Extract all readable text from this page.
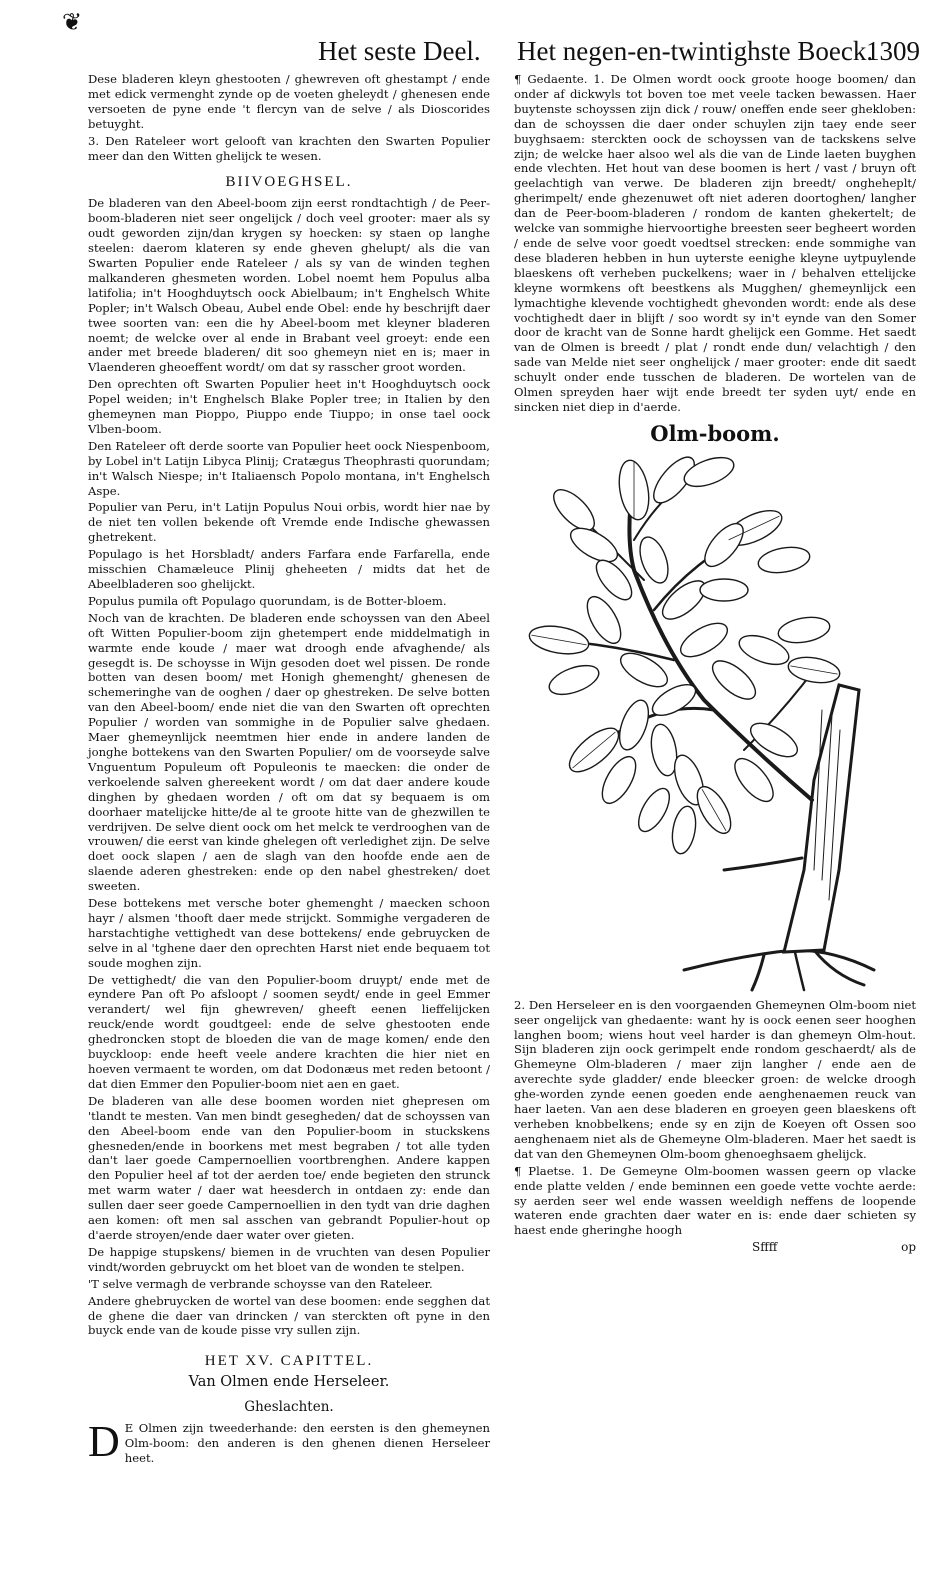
❦
Het seste Deel. Het negen-en-twintighste Boeck.
1309

Dese bladeren kleyn ghestooten / ghewreven oft ghestampt / ende met edick vermenght zynde op de voeten gheleydt / ghenesen ende versoeten de pyne ende 't flercyn van de selve / als Dioscorides betuyght.

3. Den Rateleer wort gelooft van krachten den Swarten Populier meer dan den Witten ghelijck te wesen.

BIIVOEGHSEL.

De bladeren van den Abeel-boom zijn eerst rondtachtigh / de Peer-boom-bladeren niet seer ongelijck / doch veel grooter: maer als sy oudt geworden zijn/dan krygen sy hoecken: sy staen op langhe steelen: daerom klateren sy ende gheven ghelupt/ als die van Swarten Populier ende Rateleer / als sy van de winden teghen malkanderen ghesmeten worden. Lobel noemt hem Populus alba latifolia; in't Hooghduytsch oock Abielbaum; in't Enghelsch White Popler; in't Walsch Obeau, Aubel ende Obel: ende hy beschrijft daer twee soorten van: een die hy Abeel-boom met kleyner bladeren noemt; de welcke over al ende in Brabant veel groeyt: ende een ander met breede bladeren/ dit soo ghemeyn niet en is; maer in Vlaenderen gheoeffent wordt/ om dat sy rasscher groot worden.

Den oprechten oft Swarten Populier heet in't Hooghduytsch oock Popel weiden; in't Enghelsch Blake Popler tree; in Italien by den ghemeynen man Pioppo, Piuppo ende Tiuppo; in onse tael oock Vlben-boom.

Den Rateleer oft derde soorte van Populier heet oock Niespenboom, by Lobel in't Latijn Libyca Plinij; Cratægus Theophrasti quorundam; in't Walsch Niespe; in't Italiaensch Popolo montana, in't Enghelsch Aspe.

Populier van Peru, in't Latijn Populus Noui orbis, wordt hier nae by de niet ten vollen bekende oft Vremde ende Indische ghewassen ghetrekent.

Populago is het Horsbladt/ anders Farfara ende Farfarella, ende misschien Chamæleuce Plinij gheheeten / midts dat het de Abeelbladeren soo ghelijckt.

Populus pumila oft Populago quorundam, is de Botter-bloem.

Noch van de krachten. De bladeren ende schoyssen van den Abeel oft Witten Populier-boom zijn ghetempert ende middelmatigh in warmte ende koude / maer wat droogh ende afvaghende/ als gesegdt is. De schoysse in Wijn gesoden doet wel pissen. De ronde botten van desen boom/ met Honigh ghemenght/ ghenesen de schemeringhe van de ooghen / daer op ghestreken. De selve botten van den Abeel-boom/ ende niet die van den Swarten oft oprechten Populier / worden van sommighe in de Populier salve ghedaen. Maer ghemeynlijck neemtmen hier ende in andere landen de jonghe bottekens van den Swarten Populier/ om de voorseyde salve Vnguentum Populeum oft Populeonis te maecken: die onder de verkoelende salven ghereekent wordt / om dat daer andere koude dinghen by ghedaen worden / oft om dat sy bequaem is om doorhaer matelijcke hitte/de al te groote hitte van de ghezwillen te verdrijven. De selve dient oock om het melck te verdrooghen van de vrouwen/ die eerst van kinde ghelegen oft verledighet zijn. De selve doet oock slapen / aen de slagh van den hoofde ende aen de slaende aderen ghestreken: ende op den nabel ghestreken/ doet sweeten.

Dese bottekens met versche boter ghemenght / maecken schoon hayr / alsmen 'thooft daer mede strijckt. Sommighe vergaderen de harstachtighe vettighedt van dese bottekens/ ende gebruycken de selve in al 'tghene daer den oprechten Harst niet ende bequaem tot soude moghen zijn.

De vettighedt/ die van den Populier-boom druypt/ ende met de eyndere Pan oft Po afsloopt / soomen seydt/ ende in geel Emmer verandert/ wel fijn ghewreven/ gheeft eenen lieffelijcken reuck/ende wordt goudtgeel: ende de selve ghestooten ende ghedroncken stopt de bloeden die van de mage komen/ ende den buyckloop: ende heeft veele andere krachten die hier niet en hoeven vermaent te worden, om dat Dodonæus met reden betoont / dat dien Emmer den Populier-boom niet aen en gaet.

De bladeren van alle dese boomen worden niet ghepresen om 'tlandt te mesten. Van men bindt gesegheden/ dat de schoyssen van den Abeel-boom ende van den Populier-boom in stuckskens ghesneden/ende in boorkens met mest begraben / tot alle tyden dan't laer goede Campernoellien voortbrenghen. Andere kappen den Populier heel af tot der aerden toe/ ende begieten den strunck met warm water / daer wat heesderch in ontdaen zy: ende dan sullen daer seer goede Campernoellien in den tydt van drie daghen aen komen: oft men sal asschen van gebrandt Populier-hout op d'aerde stroyen/ende daer water over gieten.

De happige stupskens/ biemen in de vruchten van desen Populier vindt/worden gebruyckt om het bloet van de wonden te stelpen.

'T selve vermagh de verbrande schoysse van den Rateleer.

Andere ghebruycken de wortel van dese boomen: ende segghen dat de ghene die daer van drincken / van sterckten oft pyne in den buyck ende van de koude pisse vry sullen zijn.

HET XV. CAPITTEL.
Van Olmen ende Herseleer.
Gheslachten.

D E Olmen zijn tweederhande: den eersten is den ghemeynen Olm-boom: den anderen is den ghenen dienen Herseleer heet.

¶ Gedaente. 1. De Olmen wordt oock groote hooge boomen/ dan onder af dickwyls tot boven toe met veele tacken bewassen. Haer buytenste schoyssen zijn dick / rouw/ oneffen ende seer ghekloben: dan de schoyssen die daer onder schuylen zijn taey ende seer buyghsaem: sterckten oock de schoyssen van de tackskens selve zijn; de welcke haer alsoo wel als die van de Linde laeten buyghen ende vlechten. Het hout van dese boomen is hert / vast / bruyn oft geelachtigh van verwe. De bladeren zijn breedt/ ongheheplt/ gherimpelt/ ende ghezenuwet oft niet aderen doortoghen/ langher dan de Peer-boom-bladeren / rondom de kanten ghekertelt; de welcke van sommighe hiervoortighe breesten seer begheert worden / ende de selve voor goedt voedtsel strecken: ende sommighe van dese bladeren hebben in hun uyterste eenighe kleyne uytpuylende blaeskens oft verheben puckelkens; waer in / behalven ettelijcke kleyne wormkens oft beestkens als Mugghen/ ghemeynlijck een lymachtighe klevende vochtighedt ghevonden wordt: ende als dese vochtighedt daer in blijft / soo wordt sy in't eynde van den Somer door de kracht van de Sonne hardt ghelijck een Gomme. Het saedt van de Olmen is breedt / plat / rondt ende dun/ velachtigh / den sade van Melde niet seer onghelijck / maer grooter: ende dit saedt schuylt onder ende tusschen de bladeren. De wortelen van de Olmen spreyden haer wijt ende breedt ter syden uyt/ ende en sincken niet diep in d'aerde.

Olm-boom.

2. Den Herseleer en is den voorgaenden Ghemeynen Olm-boom niet seer ongelijck van ghedaente: want hy is oock eenen seer hooghen langhen boom; wiens hout veel harder is dan ghemeyn Olm-hout. Sijn bladeren zijn oock gerimpelt ende rondom geschaerdt/ als de Ghemeyne Olm-bladeren / maer zijn langher / ende aen de averechte syde gladder/ ende bleecker groen: de welcke droogh ghe-worden zynde eenen goeden ende aenghenaemen reuck van haer laeten. Van aen dese bladeren en groeyen geen blaeskens oft verheben knobbelkens; ende sy en zijn de Koeyen oft Ossen soo aenghenaem niet als de Ghemeyne Olm-bladeren. Maer het saedt is dat van den Ghemeynen Olm-boom ghenoeghsaem ghelijck.

¶ Plaetse. 1. De Gemeyne Olm-boomen wassen geern op vlacke ende platte velden / ende beminnen een goede vette vochte aerde: sy aerden seer wel ende wassen weeldigh neffens de loopende wateren ende grachten daer water en is: ende daer schieten sy haest ende gheringhe hoogh

Sffff	op
